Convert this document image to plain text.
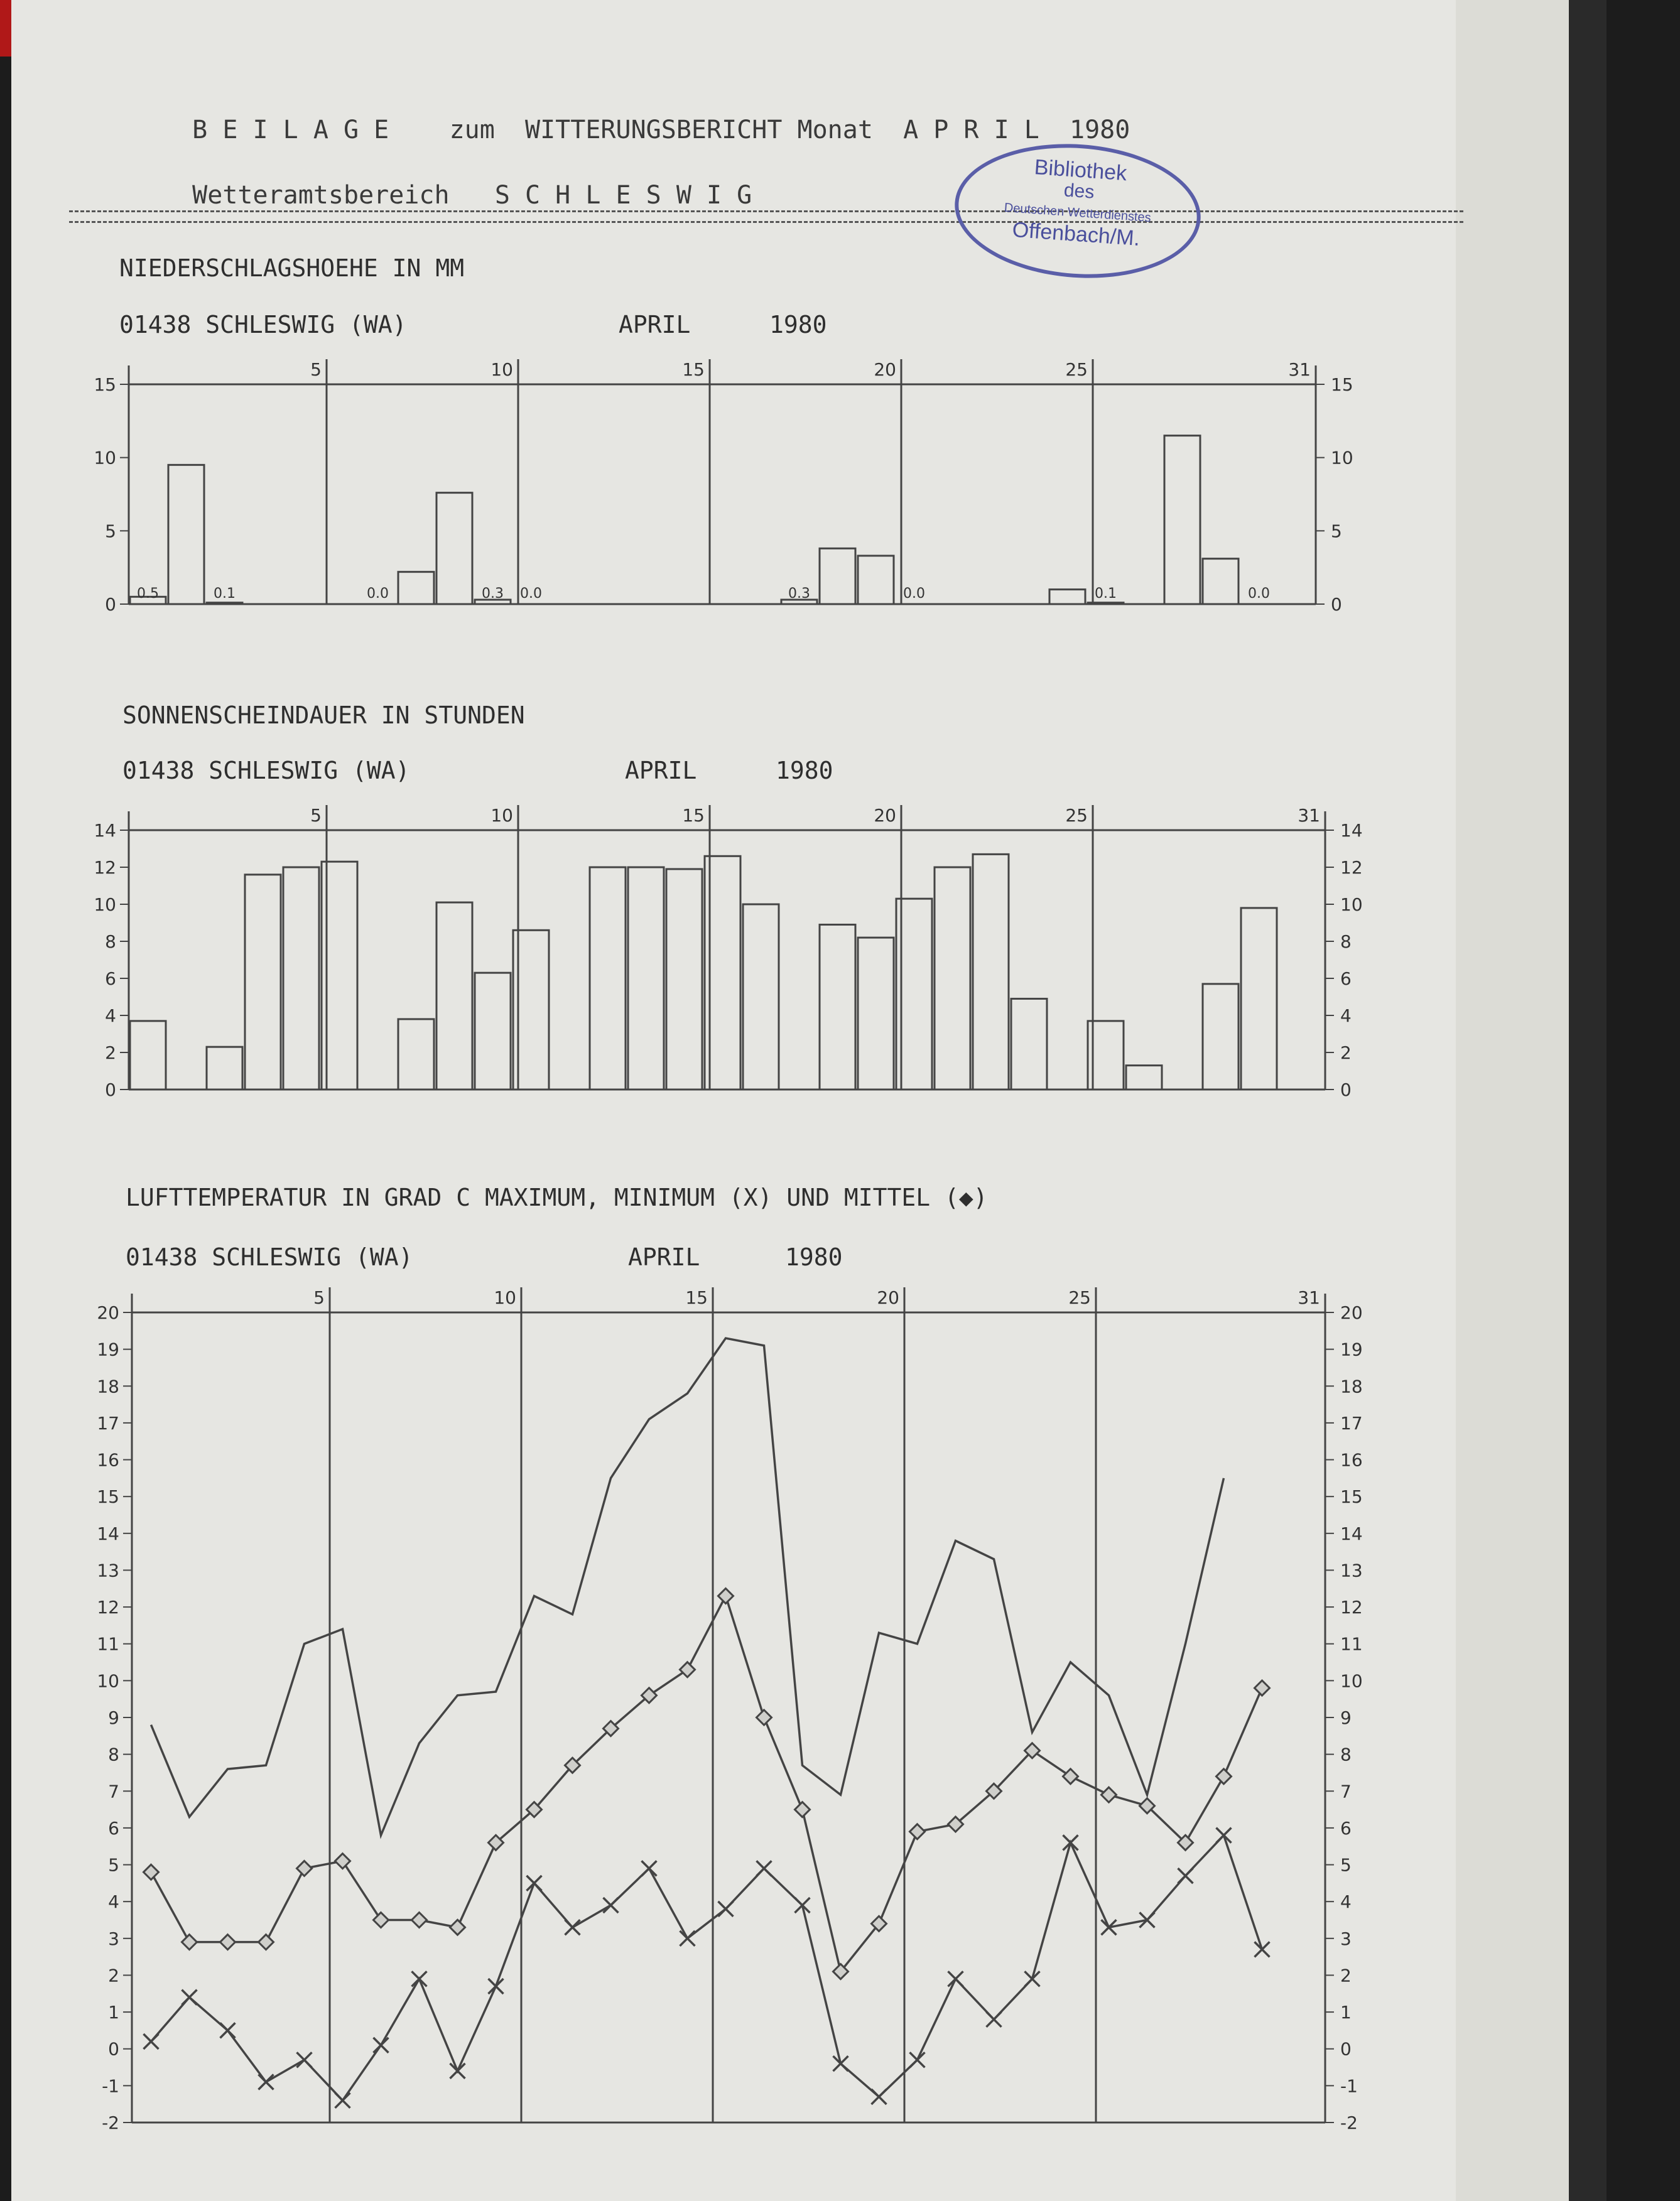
B E I L A G E zum WITTERUNGSBERICHT Monat A P R I L 1980

Wetteramtsbereich S C H L E S W I G

Bibliothek
des
Deutschen Wetterdienstes
Offenbach/M.
NIEDERSCHLAGSHOEHE IN MM
01438 SCHLESWIG (WA)	APRIL	1980
5	10	15	20	25	31
0	0
5	5
10	10
15	15
0.5	0.1	0.0	0.3 0.0	0.3	0.0	0.1	0.0
SONNENSCHEINDAUER IN STUNDEN
01438 SCHLESWIG (WA)	APRIL	1980
5	10	15	20	25	31
0	0
2	2
4	4
6	6
8	8
10	10
12	12
14	14
LUFTTEMPERATUR IN GRAD C MAXIMUM, MINIMUM (X) UND MITTEL (◆)
01438 SCHLESWIG (WA)	APRIL	1980
5	10	15	20	25	31
-2	-2
-1	-1
0	0
1	1
2	2
3	3
4	4
5	5
6	6
7	7
8	8
9	9
10	10
11	11
12	12
13	13
14	14
15	15
16	16
17	17
18	18
19	19
20	20
